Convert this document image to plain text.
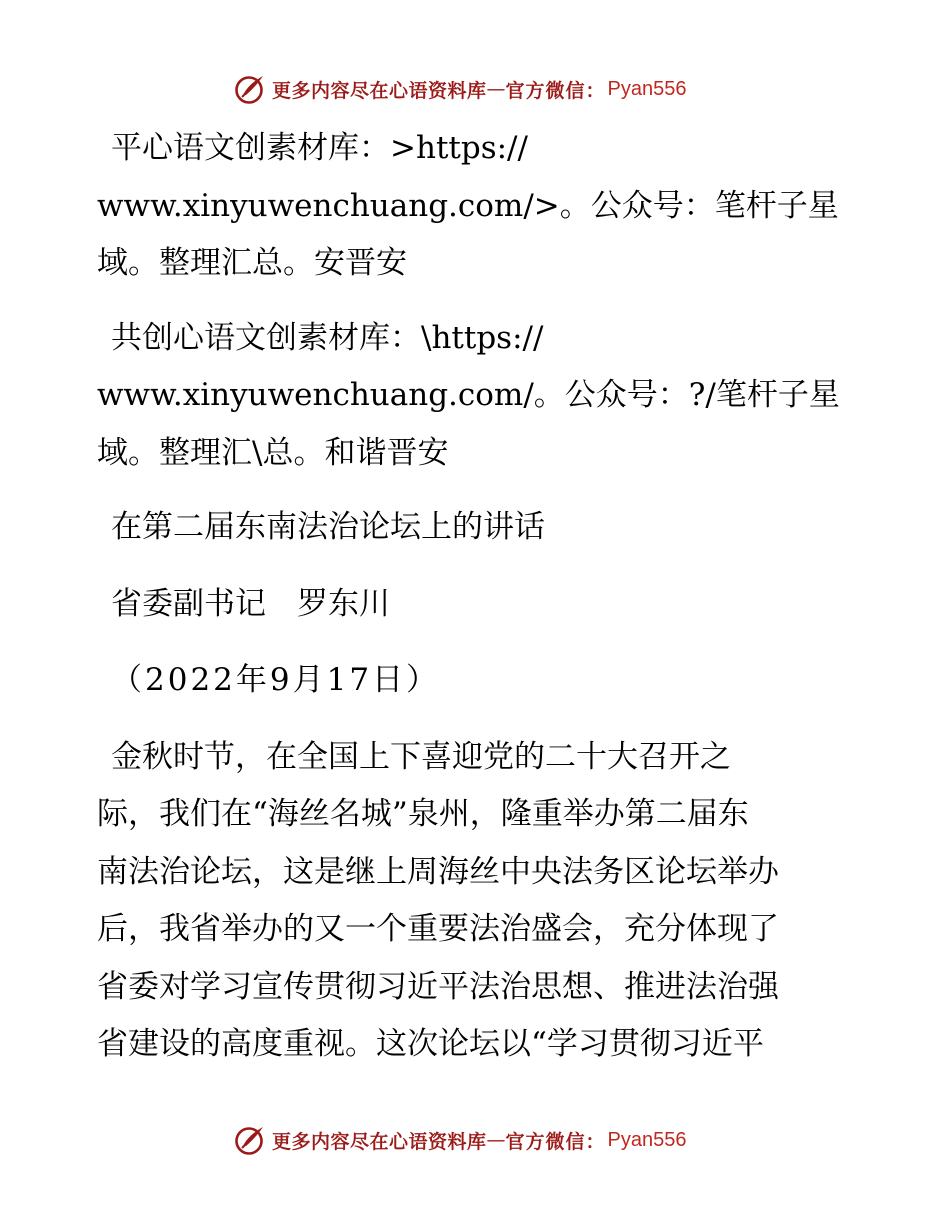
更多内容尽在心语资料库 — 官方微信： Pyan556

平心语文创素材库：>https://
www.xinyuwenchuang.com/>。公众号：笔杆子星
域。整理汇总。安晋安

共创心语文创素材库：\https://
www.xinyuwenchuang.com/。公众号：?/笔杆子星
域。整理汇\总。和谐晋安

在第二届东南法治论坛上的讲话

省委副书记　罗东川

（2022年9月17日）

金秋时节，在全国上下喜迎党的二十大召开之
际，我们在“海丝名城”泉州，隆重举办第二届东
南法治论坛，这是继上周海丝中央法务区论坛举办
后，我省举办的又一个重要法治盛会，充分体现了
省委对学习宣传贯彻习近平法治思想、推进法治强
省建设的高度重视。这次论坛以“学习贯彻习近平

更多内容尽在心语资料库 — 官方微信： Pyan556
